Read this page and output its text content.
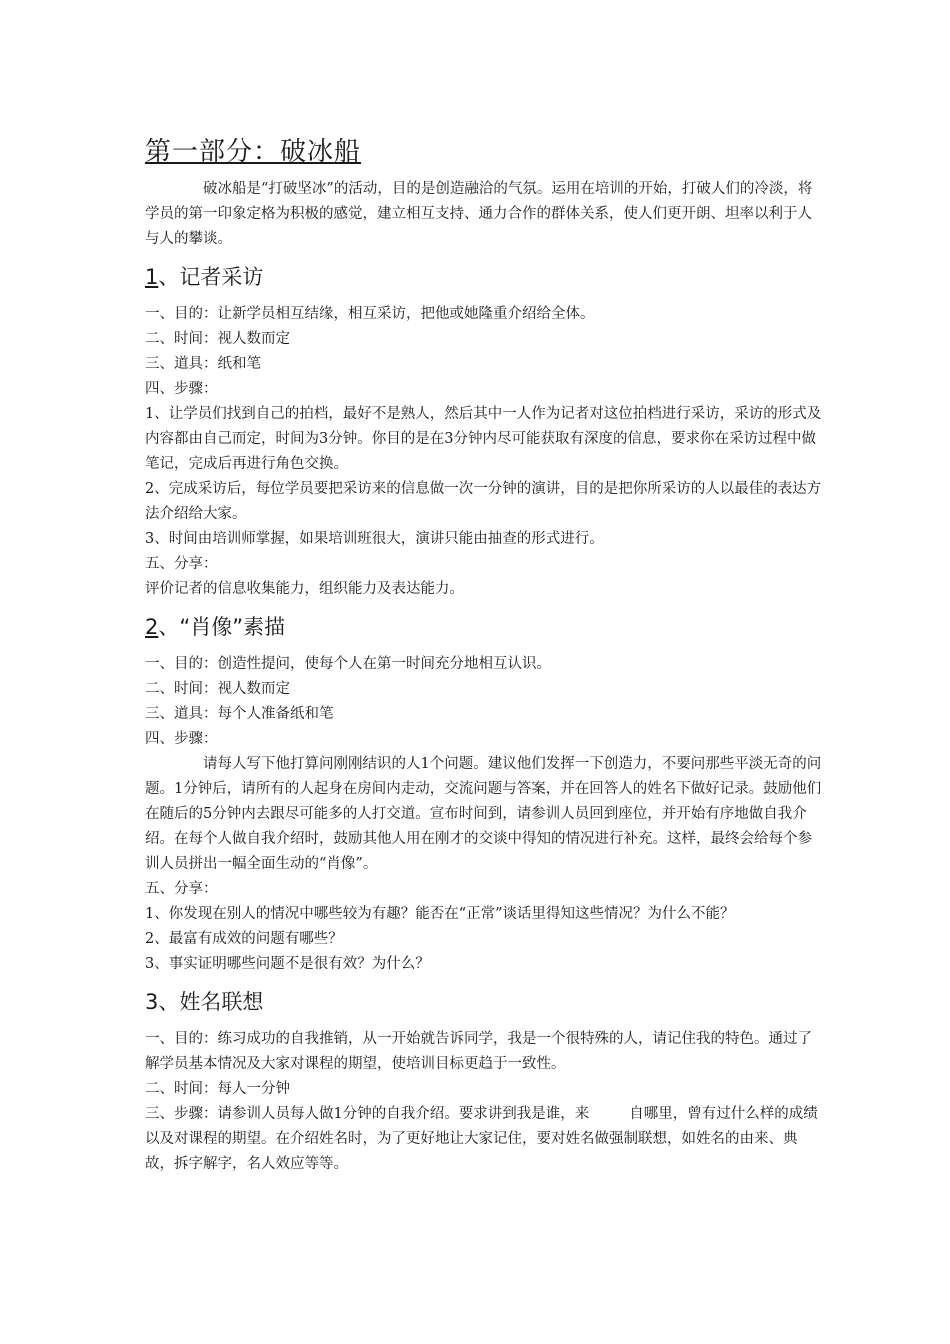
第一部分：破冰船

破冰船是“打破坚冰”的活动，目的是创造融洽的气氛。运用在培训的开始，打破人们的冷淡，将学员的第一印象定格为积极的感觉，建立相互支持、通力合作的群体关系，使人们更开朗、坦率以利于人与人的攀谈。

1、记者采访

一、目的：让新学员相互结缘，相互采访，把他或她隆重介绍给全体。

二、时间：视人数而定

三、道具：纸和笔

四、步骤：

1、让学员们找到自己的拍档，最好不是熟人，然后其中一人作为记者对这位拍档进行采访，采访的形式及内容都由自己而定，时间为3分钟。你目的是在3分钟内尽可能获取有深度的信息，要求你在采访过程中做笔记，完成后再进行角色交换。

2、完成采访后，每位学员要把采访来的信息做一次一分钟的演讲，目的是把你所采访的人以最佳的表达方法介绍给大家。

3、时间由培训师掌握，如果培训班很大，演讲只能由抽查的形式进行。

五、分享：

评价记者的信息收集能力，组织能力及表达能力。

2、“肖像”素描

一、目的：创造性提问，使每个人在第一时间充分地相互认识。

二、时间：视人数而定

三、道具：每个人准备纸和笔

四、步骤：

请每人写下他打算问刚刚结识的人1个问题。建议他们发挥一下创造力，不要问那些平淡无奇的问题。1分钟后，请所有的人起身在房间内走动，交流问题与答案，并在回答人的姓名下做好记录。鼓励他们在随后的5分钟内去跟尽可能多的人打交道。宣布时间到，请参训人员回到座位，并开始有序地做自我介绍。在每个人做自我介绍时，鼓励其他人用在刚才的交谈中得知的情况进行补充。这样，最终会给每个参训人员拼出一幅全面生动的“肖像”。

五、分享：

1、你发现在别人的情况中哪些较为有趣？能否在“正常”谈话里得知这些情况？为什么不能？

2、最富有成效的问题有哪些？

3、事实证明哪些问题不是很有效？为什么？

3、姓名联想

一、目的：练习成功的自我推销，从一开始就告诉同学，我是一个很特殊的人，请记住我的特色。通过了解学员基本情况及大家对课程的期望，使培训目标更趋于一致性。

二、时间：每人一分钟

三、步骤：请参训人员每人做1分钟的自我介绍。要求讲到我是谁，来	自哪里，曾有过什么样的成绩以及对课程的期望。在介绍姓名时，为了更好地让大家记住，要对姓名做强制联想，如姓名的由来、典故，拆字解字，名人效应等等。
